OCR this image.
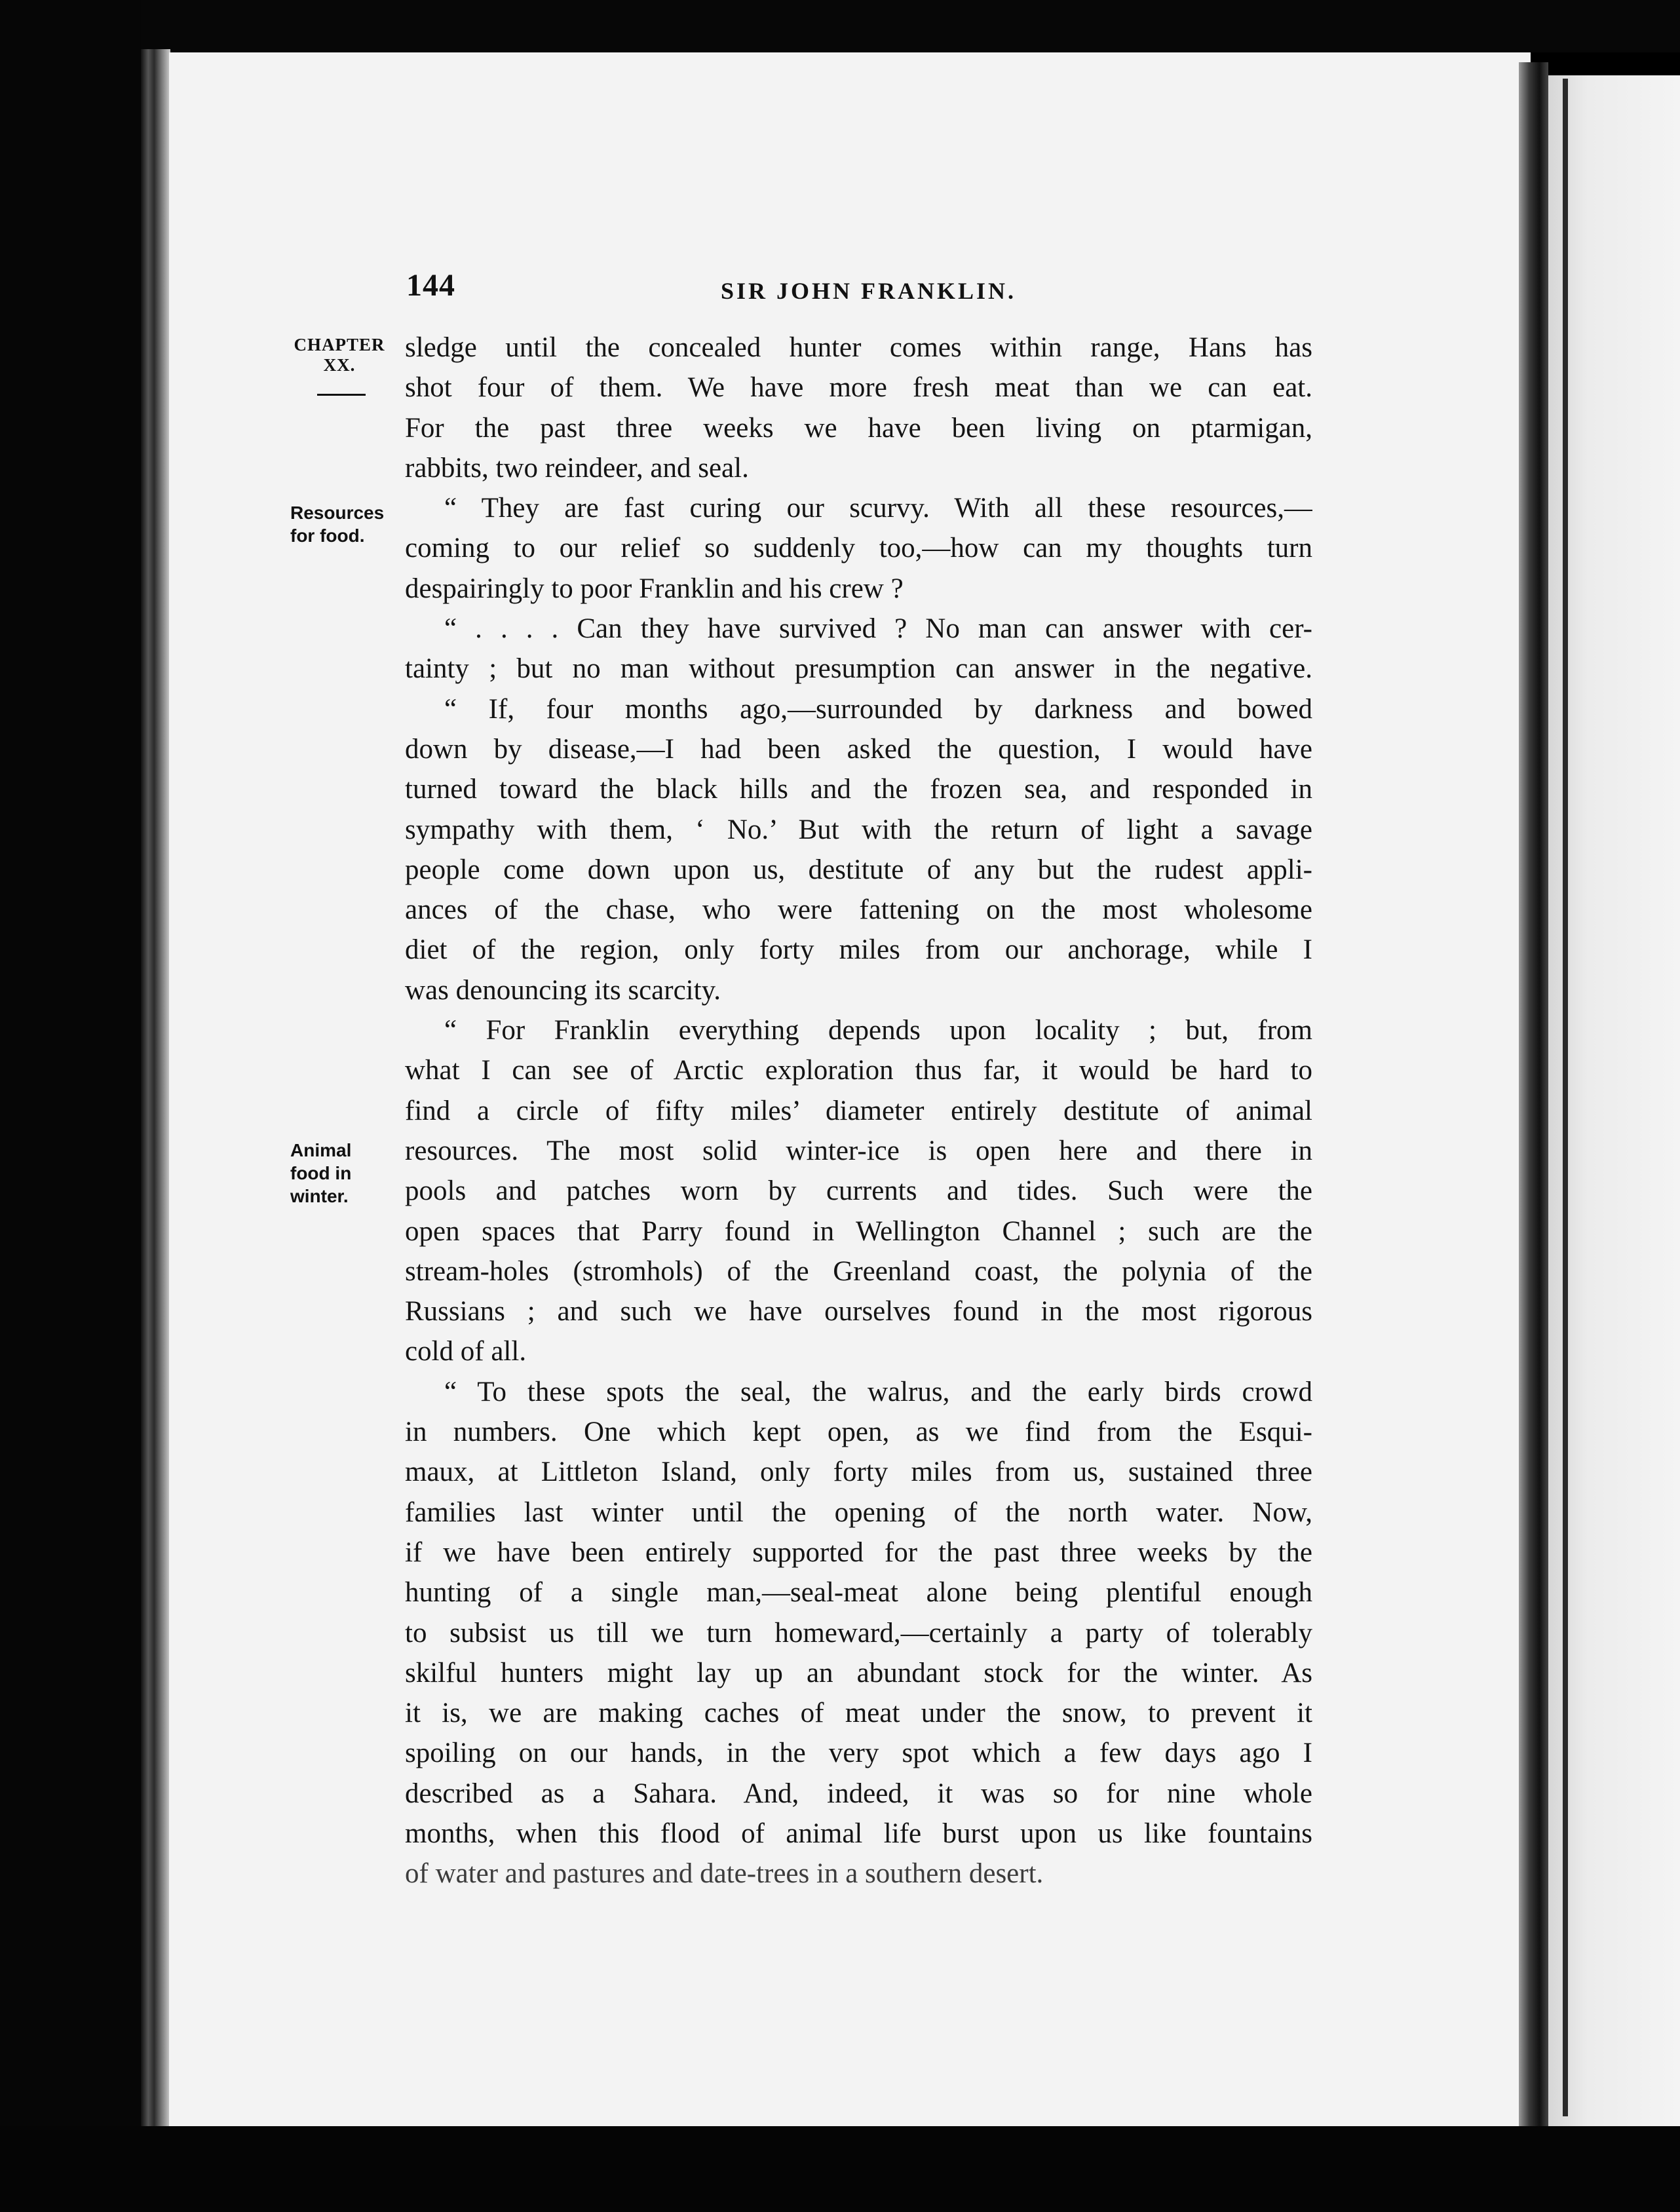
144	SIR JOHN FRANKLIN.
CHAPTER
XX.
Resources
for food.
Animal
food in
winter.
sledge until the concealed hunter comes within range, Hans has
shot four of them. We have more fresh meat than we can eat.
For the past three weeks we have been living on ptarmigan,
rabbits, two reindeer, and seal.
“ They are fast curing our scurvy. With all these resources,—
coming to our relief so suddenly too,—how can my thoughts turn
despairingly to poor Franklin and his crew ?
“ . . . . Can they have survived ? No man can answer with cer-
tainty ; but no man without presumption can answer in the negative.
“ If, four months ago,—surrounded by darkness and bowed
down by disease,—I had been asked the question, I would have
turned toward the black hills and the frozen sea, and responded in
sympathy with them, ‘ No.’ But with the return of light a savage
people come down upon us, destitute of any but the rudest appli-
ances of the chase, who were fattening on the most wholesome
diet of the region, only forty miles from our anchorage, while I
was denouncing its scarcity.
“ For Franklin everything depends upon locality ; but, from
what I can see of Arctic exploration thus far, it would be hard to
find a circle of fifty miles’ diameter entirely destitute of animal
resources. The most solid winter-ice is open here and there in
pools and patches worn by currents and tides. Such were the
open spaces that Parry found in Wellington Channel ; such are the
stream-holes (stromhols) of the Greenland coast, the polynia of the
Russians ; and such we have ourselves found in the most rigorous
cold of all.
“ To these spots the seal, the walrus, and the early birds crowd
in numbers. One which kept open, as we find from the Esqui-
maux, at Littleton Island, only forty miles from us, sustained three
families last winter until the opening of the north water. Now,
if we have been entirely supported for the past three weeks by the
hunting of a single man,—seal-meat alone being plentiful enough
to subsist us till we turn homeward,—certainly a party of tolerably
skilful hunters might lay up an abundant stock for the winter. As
it is, we are making caches of meat under the snow, to prevent it
spoiling on our hands, in the very spot which a few days ago I
described as a Sahara. And, indeed, it was so for nine whole
months, when this flood of animal life burst upon us like fountains
of water and pastures and date-trees in a southern desert.
